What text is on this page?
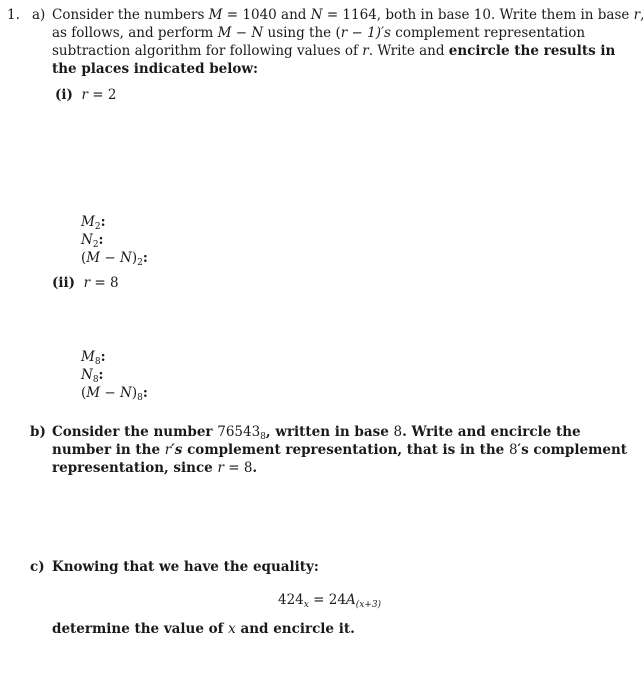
1. a) Consider the numbers M = 1040 and N = 1164, both in base 10. Write them in base r
as follows, and perform M − N using the (r − 1)′s complement representation
subtraction algorithm for following values of r. Write and encircle the results in
the places indicated below:
(i) r = 2
$M_2$:
$N_2$:
$(M - N)_2$:
(ii) r = 8
$M_8$:
$N_8$:
$(M - N)_8$:
b) Consider the number $76543_8$, written in base 8. Write and encircle the
number in the r′s complement representation, that is in the 8′s complement
representation, since r = 8.
c) Knowing that we have the equality:
$424_x = 24A_{(x+3)}$
determine the value of x and encircle it.
